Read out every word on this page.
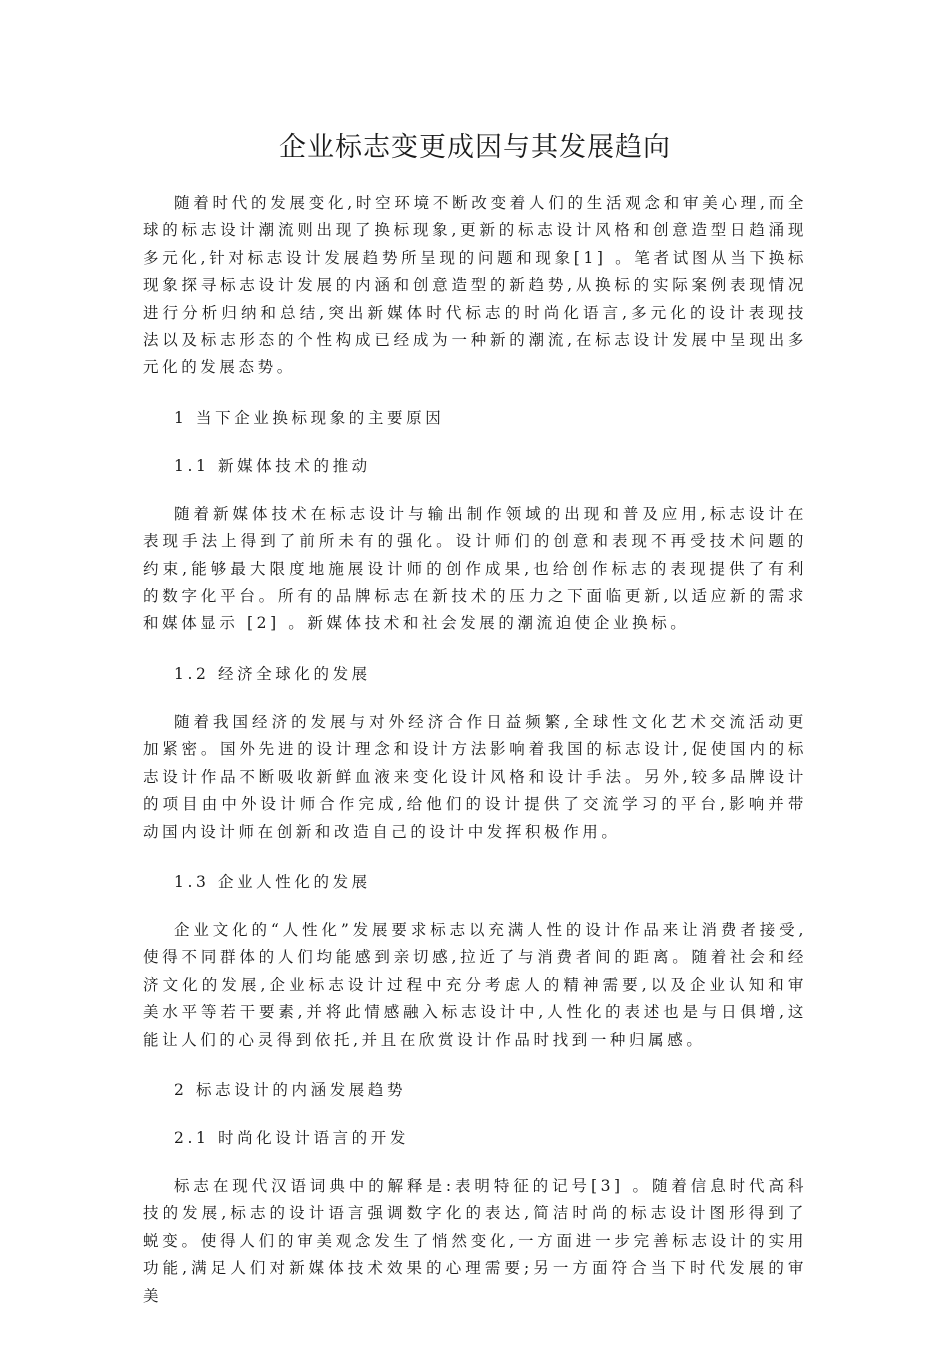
企业标志变更成因与其发展趋向

随着时代的发展变化,时空环境不断改变着人们的生活观念和审美心理,而全球的标志设计潮流则出现了换标现象,更新的标志设计风格和创意造型日趋涌现多元化,针对标志设计发展趋势所呈现的问题和现象[1] 。笔者试图从当下换标现象探寻标志设计发展的内涵和创意造型的新趋势,从换标的实际案例表现情况进行分析归纳和总结,突出新媒体时代标志的时尚化语言,多元化的设计表现技法以及标志形态的个性构成已经成为一种新的潮流,在标志设计发展中呈现出多元化的发展态势。

1 当下企业换标现象的主要原因
1.1 新媒体技术的推动

随着新媒体技术在标志设计与输出制作领域的出现和普及应用,标志设计在表现手法上得到了前所未有的强化。设计师们的创意和表现不再受技术问题的约束,能够最大限度地施展设计师的创作成果,也给创作标志的表现提供了有利的数字化平台。所有的品牌标志在新技术的压力之下面临更新,以适应新的需求和媒体显示 [2] 。新媒体技术和社会发展的潮流迫使企业换标。

1.2 经济全球化的发展

随着我国经济的发展与对外经济合作日益频繁,全球性文化艺术交流活动更加紧密。国外先进的设计理念和设计方法影响着我国的标志设计,促使国内的标志设计作品不断吸收新鲜血液来变化设计风格和设计手法。另外,较多品牌设计的项目由中外设计师合作完成,给他们的设计提供了交流学习的平台,影响并带动国内设计师在创新和改造自己的设计中发挥积极作用。

1.3 企业人性化的发展

企业文化的“人性化”发展要求标志以充满人性的设计作品来让消费者接受,使得不同群体的人们均能感到亲切感,拉近了与消费者间的距离。随着社会和经济文化的发展,企业标志设计过程中充分考虑人的精神需要,以及企业认知和审美水平等若干要素,并将此情感融入标志设计中,人性化的表述也是与日俱增,这能让人们的心灵得到依托,并且在欣赏设计作品时找到一种归属感。

2 标志设计的内涵发展趋势
2.1 时尚化设计语言的开发

标志在现代汉语词典中的解释是:表明特征的记号[3] 。随着信息时代高科技的发展,标志的设计语言强调数字化的表达,简洁时尚的标志设计图形得到了蜕变。使得人们的审美观念发生了悄然变化,一方面进一步完善标志设计的实用功能,满足人们对新媒体技术效果的心理需要;另一方面符合当下时代发展的审美
